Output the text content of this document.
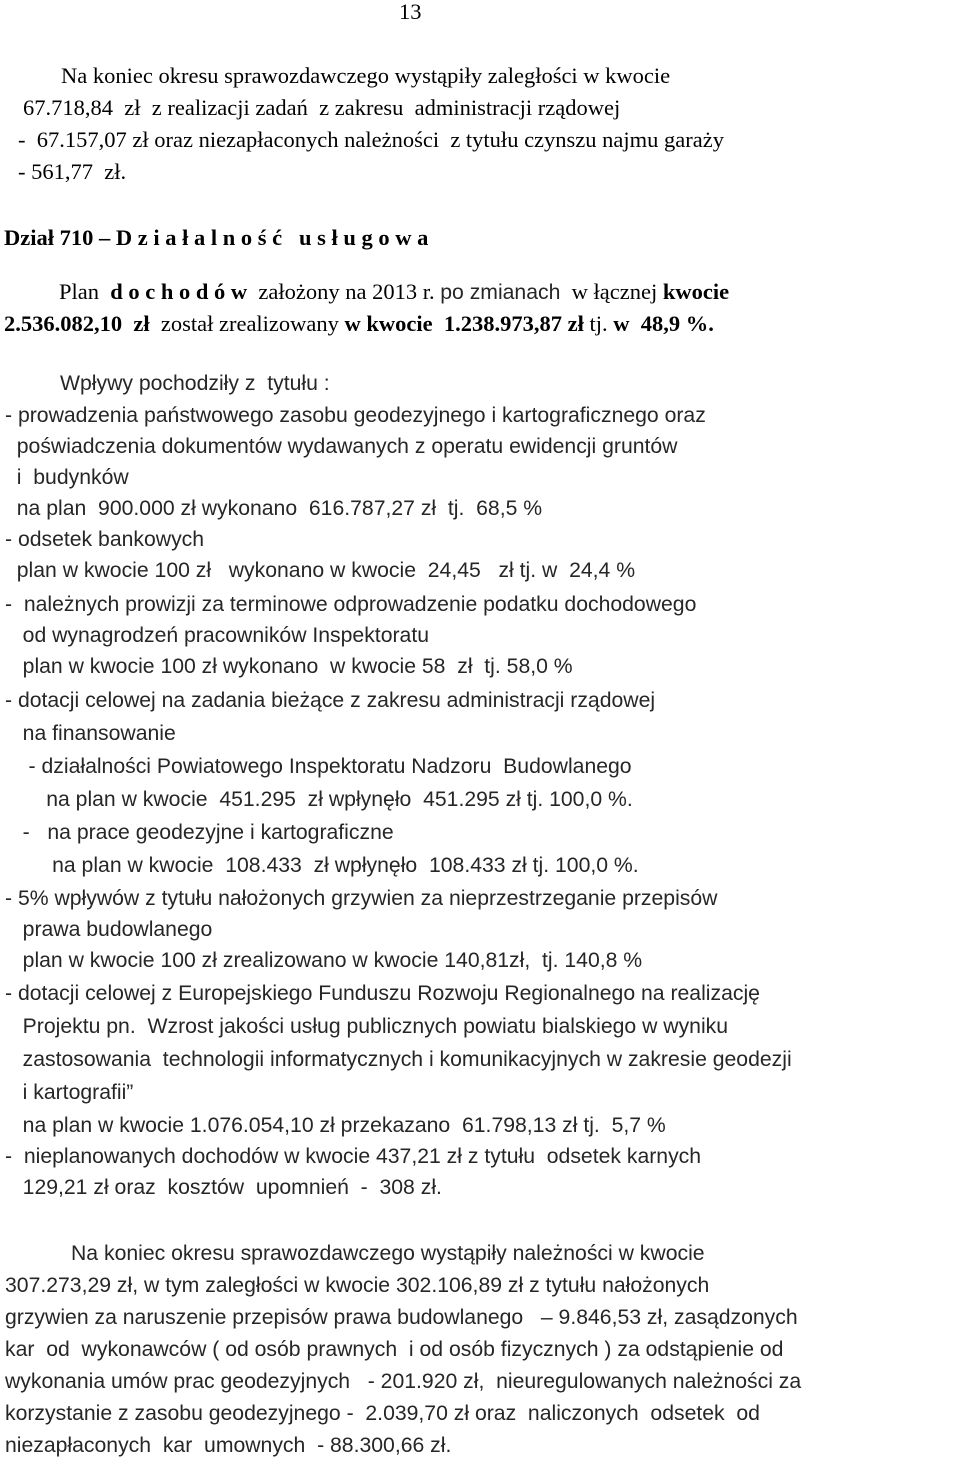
13
Na koniec okresu sprawozdawczego wystąpiły zaległości w kwocie
67.718,84  zł  z realizacji zadań  z zakresu  administracji rządowej
-  67.157,07 zł oraz niezapłaconych należności  z tytułu czynszu najmu garaży
- 561,77  zł.
Dział 710 – D z i a ł a l n o ś ć   u s ł u g o w a
Plan  d o c h o d ó w  założony na 2013 r. po zmianach  w łącznej kwocie
2.536.082,10  zł  został zrealizowany w kwocie  1.238.973,87 zł tj. w  48,9 %.
Wpływy pochodziły z  tytułu :
- prowadzenia państwowego zasobu geodezyjnego i kartograficznego oraz
poświadczenia dokumentów wydawanych z operatu ewidencji gruntów
i  budynków
na plan  900.000 zł wykonano  616.787,27 zł  tj.  68,5 %
- odsetek bankowych
plan w kwocie 100 zł   wykonano w kwocie  24,45   zł tj. w  24,4 %
-  należnych prowizji za terminowe odprowadzenie podatku dochodowego
od wynagrodzeń pracowników Inspektoratu
plan w kwocie 100 zł wykonano  w kwocie 58  zł  tj. 58,0 %
- dotacji celowej na zadania bieżące z zakresu administracji rządowej
na finansowanie
- działalności Powiatowego Inspektoratu Nadzoru  Budowlanego
na plan w kwocie  451.295  zł wpłynęło  451.295 zł tj. 100,0 %.
-   na prace geodezyjne i kartograficzne
na plan w kwocie  108.433  zł wpłynęło  108.433 zł tj. 100,0 %.
- 5% wpływów z tytułu nałożonych grzywien za nieprzestrzeganie przepisów
prawa budowlanego
plan w kwocie 100 zł zrealizowano w kwocie 140,81zł,  tj. 140,8 %
- dotacji celowej z Europejskiego Funduszu Rozwoju Regionalnego na realizację
Projektu pn.  Wzrost jakości usług publicznych powiatu bialskiego w wyniku
zastosowania  technologii informatycznych i komunikacyjnych w zakresie geodezji
i kartografii”
na plan w kwocie 1.076.054,10 zł przekazano  61.798,13 zł tj.  5,7 %
-  nieplanowanych dochodów w kwocie 437,21 zł z tytułu  odsetek karnych
129,21 zł oraz  kosztów  upomnień  -  308 zł.
Na koniec okresu sprawozdawczego wystąpiły należności w kwocie
307.273,29 zł, w tym zaległości w kwocie 302.106,89 zł z tytułu nałożonych
grzywien za naruszenie przepisów prawa budowlanego   – 9.846,53 zł, zasądzonych
kar  od  wykonawców ( od osób prawnych  i od osób fizycznych ) za odstąpienie od
wykonania umów prac geodezyjnych   - 201.920 zł,  nieuregulowanych należności za
korzystanie z zasobu geodezyjnego -  2.039,70 zł oraz  naliczonych  odsetek  od
niezapłaconych  kar  umownych  - 88.300,66 zł.
